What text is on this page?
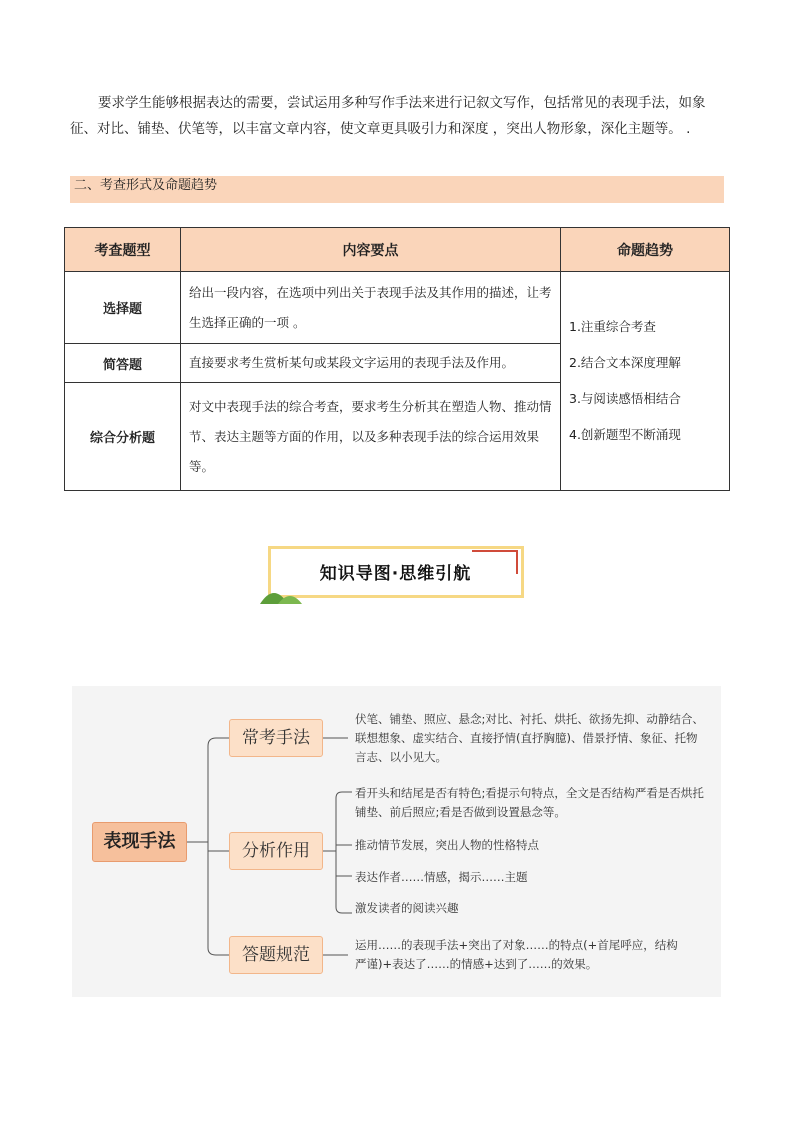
要求学生能够根据表达的需要，尝试运用多种写作手法来进行记叙文写作，包括常见的表现手法，如象征、对比、铺垫、伏笔等，以丰富文章内容，使文章更具吸引力和深度 ，突出人物形象，深化主题等。 .
二、考查形式及命题趋势
考查题型	内容要点	命题趋势
选择题	给出一段内容，在选项中列出关于表现手法及其作用的描述，让考生选择正确的一项 。	1.注重综合考查
2.结合文本深度理解
3.与阅读感悟相结合
4.创新题型不断涌现

简答题	直接要求考生赏析某句或某段文字运用的表现手法及作用。	
综合分析题	对文中表现手法的综合考查，要求考生分析其在塑造人物、推动情节、表达主题等方面的作用，以及多种表现手法的综合运用效果等。	
知识导图·思维引航
表现手法
常考手法
分析作用
答题规范
伏笔、铺垫、照应、悬念;对比、衬托、烘托、欲扬先抑、动静结合、联想想象、虚实结合、直接抒情(直抒胸臆)、借景抒情、象征、托物言志、以小见大。
看开头和结尾是否有特色;看提示句特点，全文是否结构严看是否烘托铺垫、前后照应;看是否做到设置悬念等。
推动情节发展，突出人物的性格特点
表达作者……情感，揭示……主题
激发读者的阅读兴趣
运用……的表现手法+突出了对象……的特点(+首尾呼应，结构严谨)+表达了……的情感+达到了……的效果。
